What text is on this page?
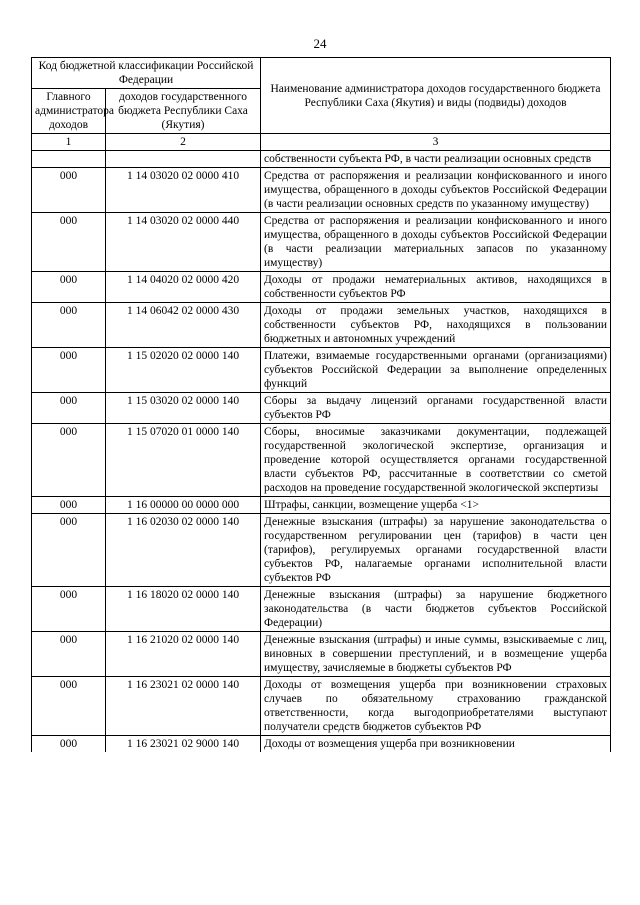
24
Код бюджетной классификации Российской Федерации		Наименование администратора доходов государственного бюджета Республики Саха (Якутия) и виды (подвиды) доходов
Главного администратора доходов	доходов государственного бюджета Республики Саха (Якутия)	
1	2	3
		собственности субъекта РФ, в части реализации основных средств
000	1 14 03020 02 0000 410	Средства от распоряжения и реализации конфискованного и иного имущества, обращенного в доходы субъектов Российской Федерации (в части реализации основных средств по указанному имуществу)
000	1 14 03020 02 0000 440	Средства от распоряжения и реализации конфискованного и иного имущества, обращенного в доходы субъектов Российской Федерации (в части реализации материальных запасов по указанному имуществу)
000	1 14 04020 02 0000 420	Доходы от продажи нематериальных активов, находящихся в собственности субъектов РФ
000	1 14 06042 02 0000 430	Доходы от продажи земельных участков, находящихся в собственности субъектов РФ, находящихся в пользовании бюджетных и автономных учреждений
000	1 15 02020 02 0000 140	Платежи, взимаемые государственными органами (организациями) субъектов Российской Федерации за выполнение определенных функций
000	1 15 03020 02 0000 140	Сборы за выдачу лицензий органами государственной власти субъектов РФ
000	1 15 07020 01 0000 140	Сборы, вносимые заказчиками документации, подлежащей государственной экологической экспертизе, организация и проведение которой осуществляется органами государственной власти субъектов РФ, рассчитанные в соответствии со сметой расходов на проведение государственной экологической экспертизы
000	1 16 00000 00 0000 000	Штрафы, санкции, возмещение ущерба <1>
000	1 16 02030 02 0000 140	Денежные взыскания (штрафы) за нарушение законодательства о государственном регулировании цен (тарифов) в части цен (тарифов), регулируемых органами государственной власти субъектов РФ, налагаемые органами исполнительной власти субъектов РФ
000	1 16 18020 02 0000 140	Денежные взыскания (штрафы) за нарушение бюджетного законодательства (в части бюджетов субъектов Российской Федерации)
000	1 16 21020 02 0000 140	Денежные взыскания (штрафы) и иные суммы, взыскиваемые с лиц, виновных в совершении преступлений, и в возмещение ущерба имуществу, зачисляемые в бюджеты субъектов РФ
000	1 16 23021 02 0000 140	Доходы от возмещения ущерба при возникновении страховых случаев по обязательному страхованию гражданской ответственности, когда выгодоприобретателями выступают получатели средств бюджетов субъектов РФ
000	1 16 23021 02 9000 140	Доходы от возмещения ущерба при возникновении
